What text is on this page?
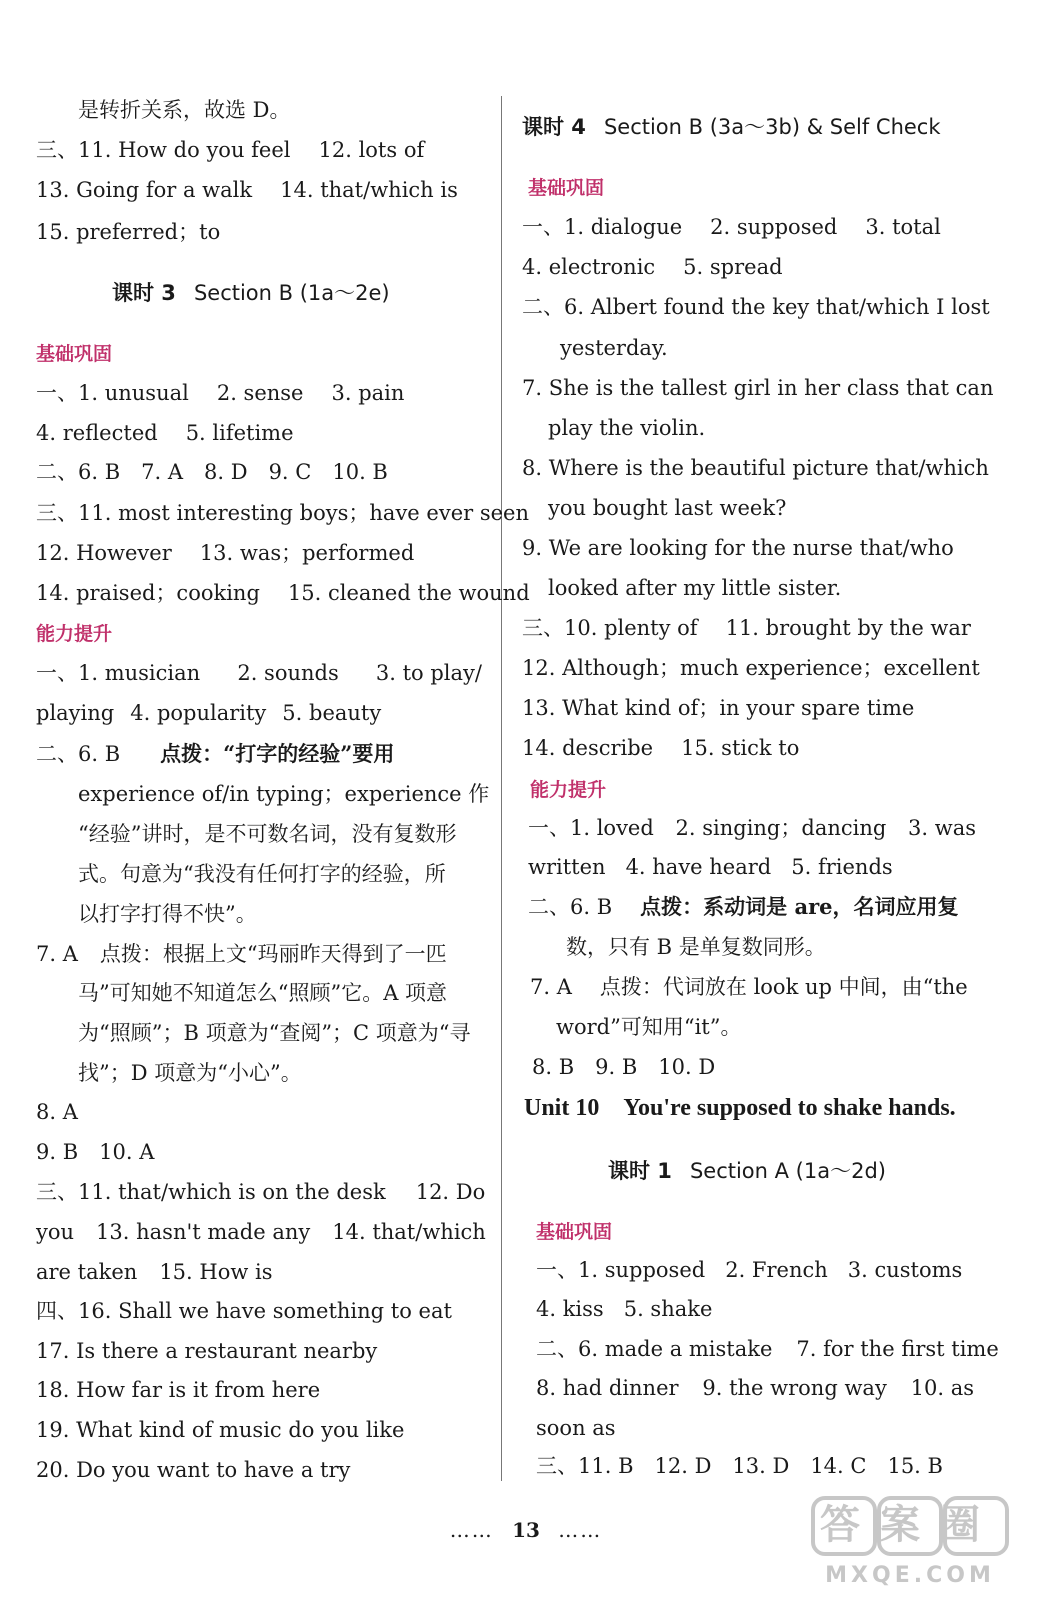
是转折关系，故选 D。
三、11. How do you feel 12. lots of
13. Going for a walk 14. that/which is
15. preferred；to
课时 3 Section B (1a～2e)
基础巩固
一、1. unusual 2. sense 3. pain
4. reflected 5. lifetime
二、6. B　7. A　8. D　9. C　10. B
三、11. most interesting boys；have ever seen
12. However 13. was；performed
14. praised；cooking 15. cleaned the wound
能力提升
一、1. musician 2. sounds 3. to play/
playing 4. popularity 5. beauty
二、6. B 点拨：“打字的经验”要用
experience of/in typing；experience 作
“经验”讲时，是不可数名词，没有复数形
式。句意为“我没有任何打字的经验，所
以打字打得不快”。
7. A 点拨：根据上文“玛丽昨天得到了一匹
马”可知她不知道怎么“照顾”它。A 项意
为“照顾”；B 项意为“查阅”；C 项意为“寻
找”；D 项意为“小心”。
8. A
9. B　10. A
三、11. that/which is on the desk 12. Do
you 13. hasn't made any 14. that/which
are taken 15. How is
四、16. Shall we have something to eat
17. Is there a restaurant nearby
18. How far is it from here
19. What kind of music do you like
20. Do you want to have a try
课时 4 Section B (3a～3b) & Self Check
基础巩固
一、1. dialogue 2. supposed 3. total
4. electronic 5. spread
二、6. Albert found the key that/which I lost
yesterday.
7. She is the tallest girl in her class that can
play the violin.
8. Where is the beautiful picture that/which
you bought last week?
9. We are looking for the nurse that/who
looked after my little sister.
三、10. plenty of 11. brought by the war
12. Although；much experience；excellent
13. What kind of；in your spare time
14. describe 15. stick to
能力提升
一、1. loved 2. singing；dancing 3. was
written 4. have heard 5. friends
二、6. B 点拨：系动词是 are，名词应用复
数，只有 B 是单复数同形。
7. A 点拨：代词放在 look up 中间，由“the
word”可知用“it”。
8. B　9. B　10. D
Unit 10　You're supposed to shake hands.
课时 1 Section A (1a～2d)
基础巩固
一、1. supposed 2. French 3. customs
4. kiss 5. shake
二、6. made a mistake 7. for the first time
8. had dinner 9. the wrong way 10. as
soon as
三、11. B　12. D　13. D　14. C　15. B
…… 13 ……	答案圈
MXQE.COM
